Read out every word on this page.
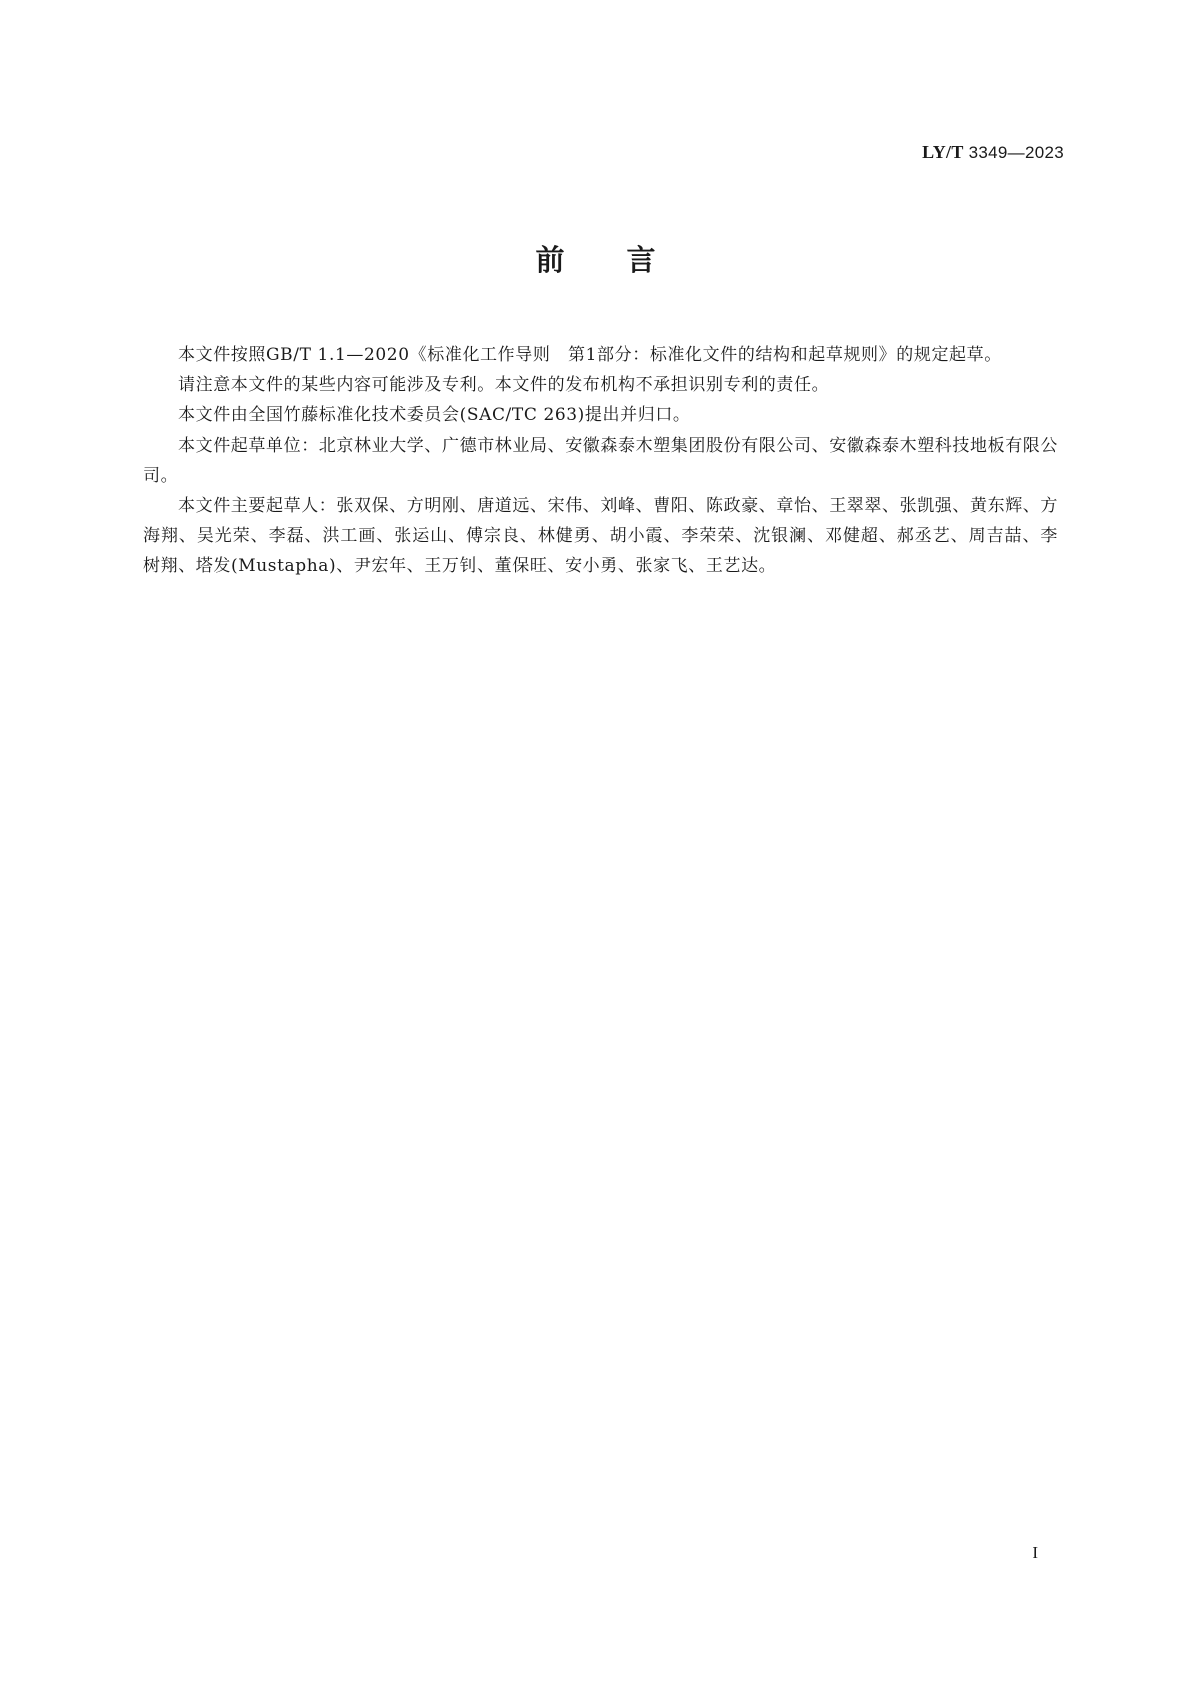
LY/T 3349—2023
前言

本文件按照GB/T 1.1—2020《标准化工作导则　第1部分：标准化文件的结构和起草规则》的规定起草。

请注意本文件的某些内容可能涉及专利。本文件的发布机构不承担识别专利的责任。

本文件由全国竹藤标准化技术委员会(SAC/TC 263)提出并归口。

本文件起草单位：北京林业大学、广德市林业局、安徽森泰木塑集团股份有限公司、安徽森泰木塑科技地板有限公司。

本文件主要起草人：张双保、方明刚、唐道远、宋伟、刘峰、曹阳、陈政豪、章怡、王翠翠、张凯强、黄东辉、方海翔、吴光荣、李磊、洪工画、张运山、傅宗良、林健勇、胡小霞、李荣荣、沈银澜、邓健超、郝丞艺、周吉喆、李树翔、塔发(Mustapha)、尹宏年、王万钊、董保旺、安小勇、张家飞、王艺达。

I
